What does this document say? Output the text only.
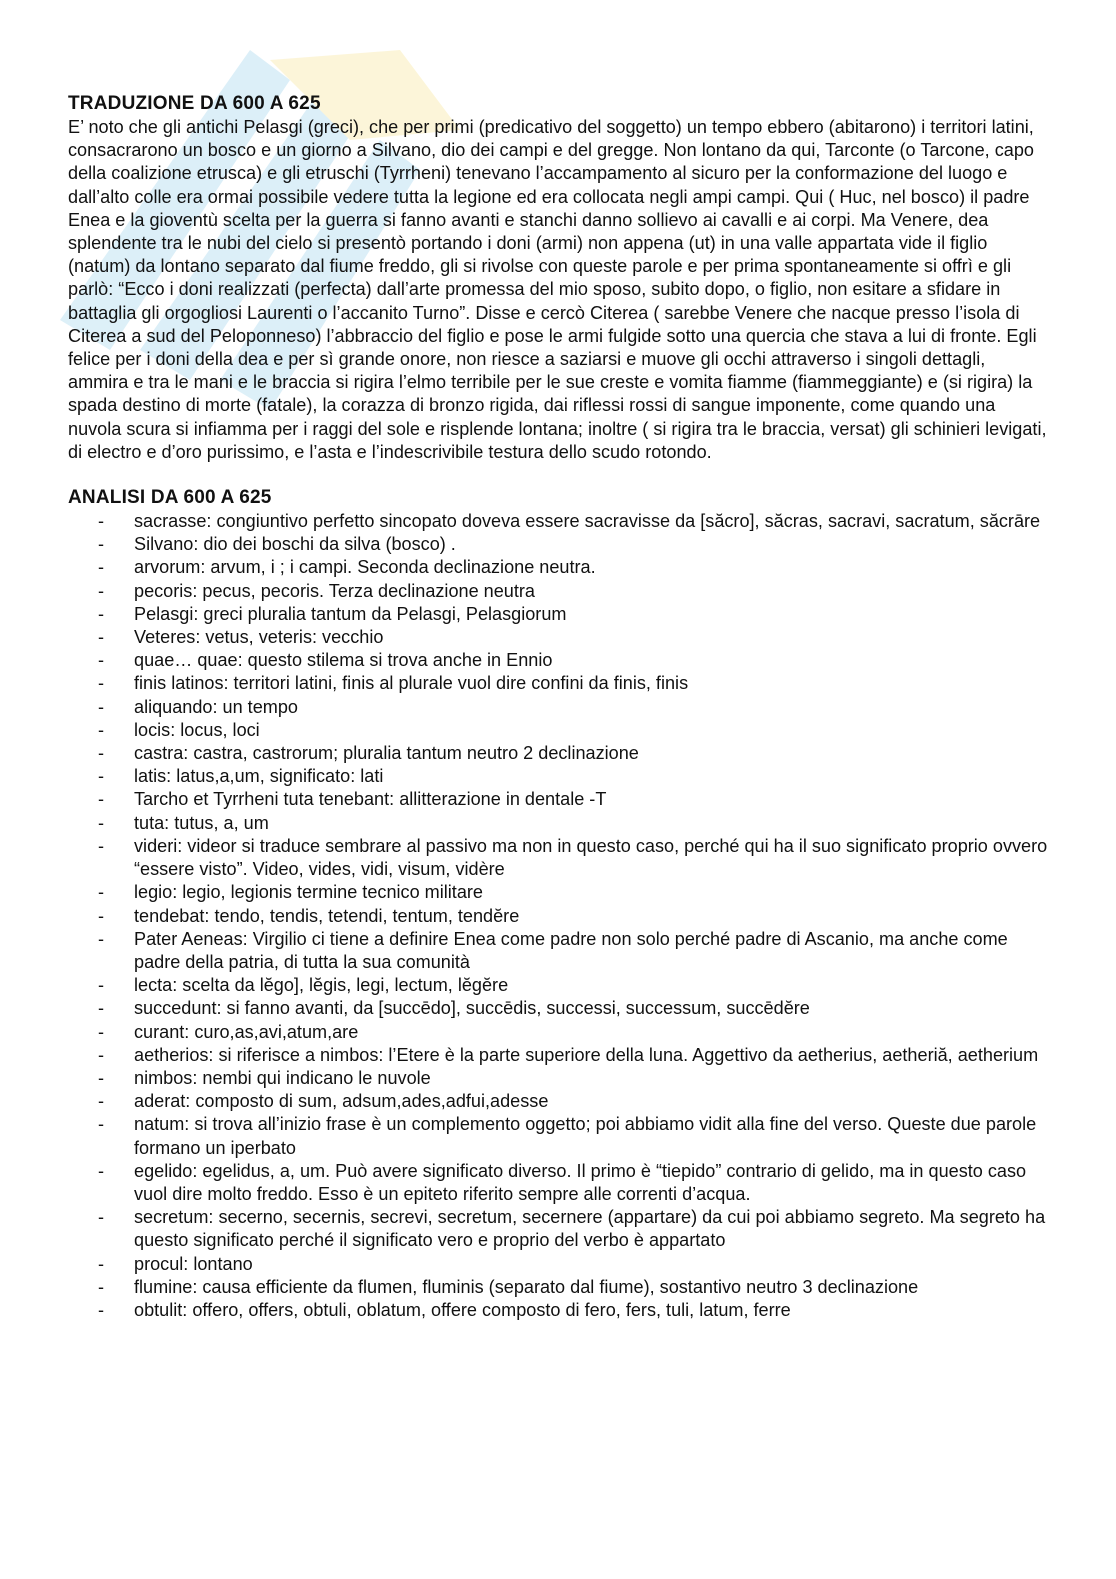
TRADUZIONE DA 600 A 625

E’ noto che gli antichi Pelasgi (greci), che per primi (predicativo del soggetto) un tempo ebbero (abitarono) i territori latini, consacrarono un bosco e un giorno a Silvano, dio dei campi e del gregge. Non lontano da qui, Tarconte (o Tarcone, capo della coalizione etrusca) e gli etruschi (Tyrrheni) tenevano l’accampamento al sicuro per la conformazione del luogo e dall’alto colle era ormai possibile vedere tutta la legione ed era collocata negli ampi campi. Qui ( Huc, nel bosco) il padre Enea e la gioventù scelta per la guerra si fanno avanti e stanchi danno sollievo ai cavalli e ai corpi. Ma Venere, dea splendente tra le nubi del cielo si presentò portando i doni (armi) non appena (ut) in una valle appartata vide il figlio (natum) da lontano separato dal fiume freddo, gli si rivolse con queste parole e per prima spontaneamente si offrì e gli parlò: “Ecco i doni realizzati (perfecta) dall’arte promessa del mio sposo, subito dopo, o figlio, non esitare a sfidare in battaglia gli orgogliosi Laurenti o l’accanito Turno”. Disse e cercò Citerea ( sarebbe Venere che nacque presso l’isola di Citerea a sud del Peloponneso) l’abbraccio del figlio e pose le armi fulgide sotto una quercia che stava a lui di fronte. Egli felice per i doni della dea e per sì grande onore, non riesce a saziarsi e muove gli occhi attraverso i singoli dettagli, ammira e tra le mani e le braccia si rigira l’elmo terribile per le sue creste e vomita fiamme (fiammeggiante) e (si rigira) la spada destino di morte (fatale), la corazza di bronzo rigida, dai riflessi rossi di sangue imponente, come quando una nuvola scura si infiamma per i raggi del sole e risplende lontana; inoltre ( si rigira tra le braccia, versat) gli schinieri levigati, di electro e d’oro purissimo, e l’asta e l’indescrivibile testura dello scudo rotondo.

ANALISI DA 600 A 625
- sacrasse: congiuntivo perfetto sincopato doveva essere sacravisse da [săcro], săcras, sacravi, sacratum, săcrāre
- Silvano: dio dei boschi da silva (bosco) .
- arvorum: arvum, i ; i campi. Seconda declinazione neutra.
- pecoris: pecus, pecoris. Terza declinazione neutra
- Pelasgi: greci pluralia tantum da Pelasgi, Pelasgiorum
- Veteres: vetus, veteris: vecchio
- quae… quae: questo stilema si trova anche in Ennio
- finis latinos: territori latini, finis al plurale vuol dire confini da finis, finis
- aliquando: un tempo
- locis: locus, loci
- castra: castra, castrorum; pluralia tantum neutro 2 declinazione
- latis: latus,a,um, significato: lati
- Tarcho et Tyrrheni tuta tenebant: allitterazione in dentale -T
- tuta: tutus, a, um
- videri: videor si traduce sembrare al passivo ma non in questo caso, perché qui ha il suo significato proprio ovvero “essere visto”. Video, vides, vidi, visum, vidère
- legio: legio, legionis termine tecnico militare
- tendebat: tendo, tendis, tetendi, tentum, tendĕre
- Pater Aeneas: Virgilio ci tiene a definire Enea come padre non solo perché padre di Ascanio, ma anche come padre della patria, di tutta la sua comunità
- lecta: scelta da lĕgo], lĕgis, legi, lectum, lĕgĕre
- succedunt: si fanno avanti, da [succēdo], succēdis, successi, successum, succēdĕre
- curant: curo,as,avi,atum,are
- aetherios: si riferisce a nimbos: l’Etere è la parte superiore della luna. Aggettivo da aetherius, aetheriă, aetherium
- nimbos: nembi qui indicano le nuvole
- aderat: composto di sum, adsum,ades,adfui,adesse
- natum: si trova all’inizio frase è un complemento oggetto; poi abbiamo vidit alla fine del verso. Queste due parole formano un iperbato
- egelido: egelidus, a, um. Può avere significato diverso. Il primo è “tiepido” contrario di gelido, ma in questo caso vuol dire molto freddo. Esso è un epiteto riferito sempre alle correnti d’acqua.
- secretum: secerno, secernis, secrevi, secretum, secernere (appartare) da cui poi abbiamo segreto. Ma segreto ha questo significato perché il significato vero e proprio del verbo è appartato
- procul: lontano
- flumine: causa efficiente da flumen, fluminis (separato dal fiume), sostantivo neutro 3 declinazione
- obtulit: offero, offers, obtuli, oblatum, offere composto di fero, fers, tuli, latum, ferre
